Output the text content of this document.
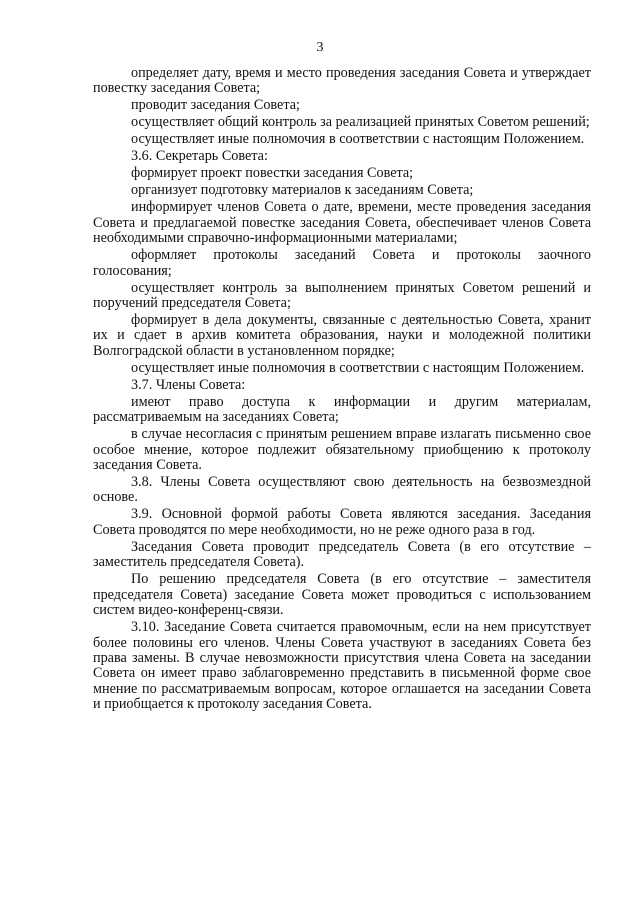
3

определяет дату, время и место проведения заседания Совета и утверждает повестку заседания Совета;

проводит заседания Совета;

осуществляет общий контроль за реализацией принятых Советом решений;

осуществляет иные полномочия в соответствии с настоящим Положением.

3.6. Секретарь Совета:

формирует проект повестки заседания Совета;

организует подготовку материалов к заседаниям Совета;

информирует членов Совета о дате, времени, месте проведения заседания Совета и предлагаемой повестке заседания Совета, обеспечивает членов Совета необходимыми справочно-информационными материалами;

оформляет протоколы заседаний Совета и протоколы заочного голосования;

осуществляет контроль за выполнением принятых Советом решений и поручений председателя Совета;

формирует в дела документы, связанные с деятельностью Совета, хранит их и сдает в архив комитета образования, науки и молодежной политики Волгоградской области в установленном порядке;

осуществляет иные полномочия в соответствии с настоящим Положением.

3.7. Члены Совета:

имеют право доступа к информации и другим материалам, рассматриваемым на заседаниях Совета;

в случае несогласия с принятым решением вправе излагать письменно свое особое мнение, которое подлежит обязательному приобщению к протоколу заседания Совета.

3.8. Члены Совета осуществляют свою деятельность на безвозмездной основе.

3.9. Основной формой работы Совета являются заседания. Заседания Совета проводятся по мере необходимости, но не реже одного раза в год.

Заседания Совета проводит председатель Совета (в его отсутствие – заместитель председателя Совета).

По решению председателя Совета (в его отсутствие – заместителя председателя Совета) заседание Совета может проводиться с использованием систем видео-конференц-связи.

3.10. Заседание Совета считается правомочным, если на нем присутствует более половины его членов. Члены Совета участвуют в заседаниях Совета без права замены. В случае невозможности присутствия члена Совета на заседании Совета он имеет право заблаговременно представить в письменной форме свое мнение по рассматриваемым вопросам, которое оглашается на заседании Совета и приобщается к протоколу заседания Совета.
